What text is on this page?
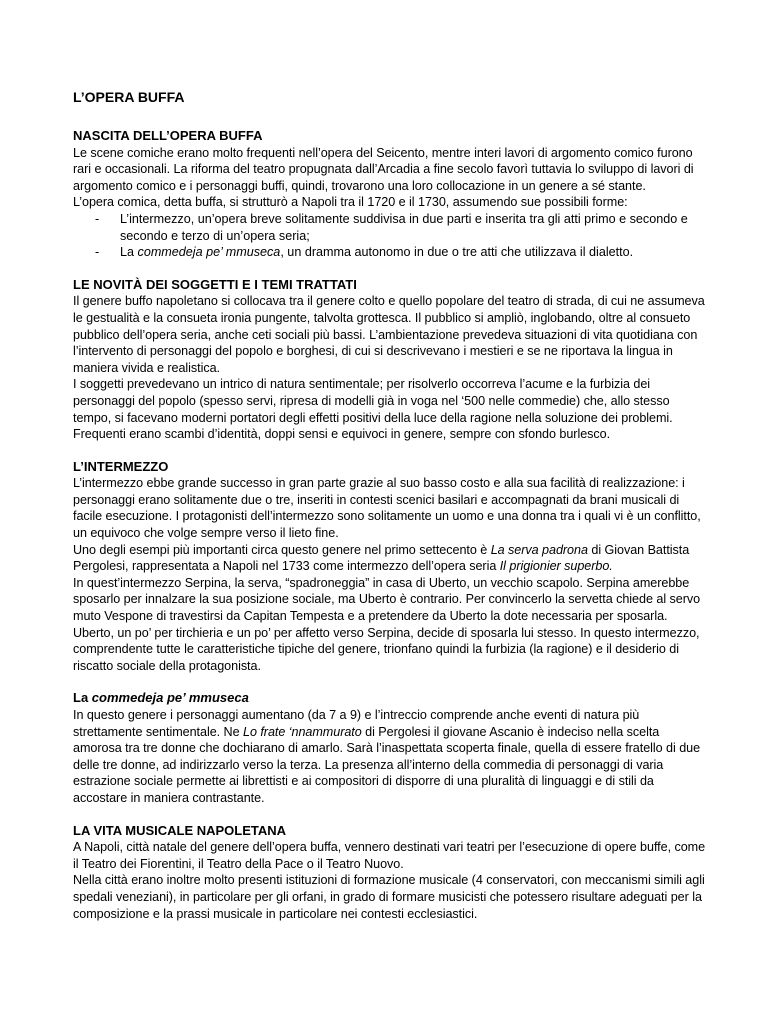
L’OPERA BUFFA
NASCITA DELL’OPERA BUFFA

Le scene comiche erano molto frequenti nell’opera del Seicento, mentre interi lavori di argomento comico furono rari e occasionali. La riforma del teatro propugnata dall’Arcadia a fine secolo favorì tuttavia lo sviluppo di lavori di argomento comico e i personaggi buffi, quindi, trovarono una loro collocazione in un genere a sé stante.

L’opera comica, detta buffa, si strutturò a Napoli tra il 1720 e il 1730, assumendo sue possibili forme:

- L’intermezzo, un’opera breve solitamente suddivisa in due parti e inserita tra gli atti primo e secondo e secondo e terzo di un’opera seria;
- La commedeja pe’ mmuseca, un dramma autonomo in due o tre atti che utilizzava il dialetto.
LE NOVITÀ DEI SOGGETTI E I TEMI TRATTATI

Il genere buffo napoletano si collocava tra il genere colto e quello popolare del teatro di strada, di cui ne assumeva le gestualità e la consueta ironia pungente, talvolta grottesca. Il pubblico si ampliò, inglobando, oltre al consueto pubblico dell’opera seria, anche ceti sociali più bassi. L’ambientazione prevedeva situazioni di vita quotidiana con l’intervento di personaggi del popolo e borghesi, di cui si descrivevano i mestieri e se ne riportava la lingua in maniera vivida e realistica.

I soggetti prevedevano un intrico di natura sentimentale; per risolverlo occorreva l’acume e la furbizia dei personaggi del popolo (spesso servi, ripresa di modelli già in voga nel ‘500 nelle commedie) che, allo stesso tempo, si facevano moderni portatori degli effetti positivi della luce della ragione nella soluzione dei problemi. Frequenti erano scambi d’identità, doppi sensi e equivoci in genere, sempre con sfondo burlesco.

L’INTERMEZZO

L’intermezzo ebbe grande successo in gran parte grazie al suo basso costo e alla sua facilità di realizzazione: i personaggi erano solitamente due o tre, inseriti in contesti scenici basilari e accompagnati da brani musicali di facile esecuzione. I protagonisti dell’intermezzo sono solitamente un uomo e una donna tra i quali vi è un conflitto, un equivoco che volge sempre verso il lieto fine.

Uno degli esempi più importanti circa questo genere nel primo settecento è La serva padrona di Giovan Battista Pergolesi, rappresentata a Napoli nel 1733 come intermezzo dell’opera seria Il prigionier superbo.

In quest’intermezzo Serpina, la serva, “spadroneggia” in casa di Uberto, un vecchio scapolo. Serpina amerebbe sposarlo per innalzare la sua posizione sociale, ma Uberto è contrario. Per convincerlo la servetta chiede al servo muto Vespone di travestirsi da Capitan Tempesta e a pretendere da Uberto la dote necessaria per sposarla. Uberto, un po’ per tirchieria e un po’ per affetto verso Serpina, decide di sposarla lui stesso. In questo intermezzo, comprendente tutte le caratteristiche tipiche del genere, trionfano quindi la furbizia (la ragione) e il desiderio di riscatto sociale della protagonista.

La commedeja pe’ mmuseca

In questo genere i personaggi aumentano (da 7 a 9) e l’intreccio comprende anche eventi di natura più strettamente sentimentale. Ne Lo frate ‘nnammurato di Pergolesi il giovane Ascanio è indeciso nella scelta amorosa tra tre donne che dochiarano di amarlo. Sarà l’inaspettata scoperta finale, quella di essere fratello di due delle tre donne, ad indirizzarlo verso la terza. La presenza all’interno della commedia di personaggi di varia estrazione sociale permette ai librettisti e ai compositori di disporre di una pluralità di linguaggi e di stili da accostare in maniera contrastante.

LA VITA MUSICALE NAPOLETANA

A Napoli, città natale del genere dell’opera buffa, vennero destinati vari teatri per l’esecuzione di opere buffe, come il Teatro dei Fiorentini, il Teatro della Pace o il Teatro Nuovo.

Nella città erano inoltre molto presenti istituzioni di formazione musicale (4 conservatori, con meccanismi simili agli spedali veneziani), in particolare per gli orfani, in grado di formare musicisti che potessero risultare adeguati per la composizione e la prassi musicale in particolare nei contesti ecclesiastici.
